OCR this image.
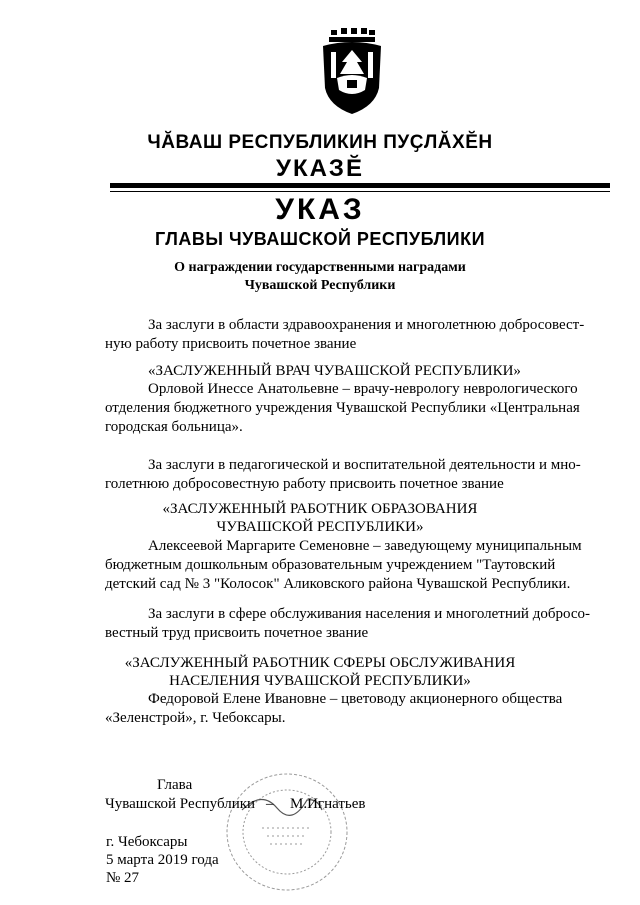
ЧӐВАШ РЕСПУБЛИКИН ПУҪЛӐХӖН
УКАЗӖ
УКАЗ
ГЛАВЫ ЧУВАШСКОЙ РЕСПУБЛИКИ
О награждении государственными наградами
Чувашской Республики
За заслуги в области здравоохранения и многолетнюю добросовест-
ную работу присвоить почетное звание
«ЗАСЛУЖЕННЫЙ ВРАЧ ЧУВАШСКОЙ РЕСПУБЛИКИ»
Орловой Инессе Анатольевне – врачу-неврологу неврологического
отделения бюджетного учреждения Чувашской Республики «Центральная
городская больница».
За заслуги в педагогической и воспитательной деятельности и мно-
голетнюю добросовестную работу присвоить почетное звание
«ЗАСЛУЖЕННЫЙ РАБОТНИК ОБРАЗОВАНИЯ
ЧУВАШСКОЙ РЕСПУБЛИКИ»
Алексеевой Маргарите Семеновне – заведующему муниципальным
бюджетным дошкольным образовательным учреждением "Таутовский
детский сад № 3 "Колосок" Аликовского района Чувашской Республики.
За заслуги в сфере обслуживания населения и многолетний добросо-
вестный труд присвоить почетное звание
«ЗАСЛУЖЕННЫЙ РАБОТНИК СФЕРЫ ОБСЛУЖИВАНИЯ
НАСЕЛЕНИЯ ЧУВАШСКОЙ РЕСПУБЛИКИ»
Федоровой Елене Ивановне – цветоводу акционерного общества
«Зеленстрой», г. Чебоксары.
Глава
Чувашской Республики – М.Игнатьев
г. Чебоксары
5 марта 2019 года
№ 27
